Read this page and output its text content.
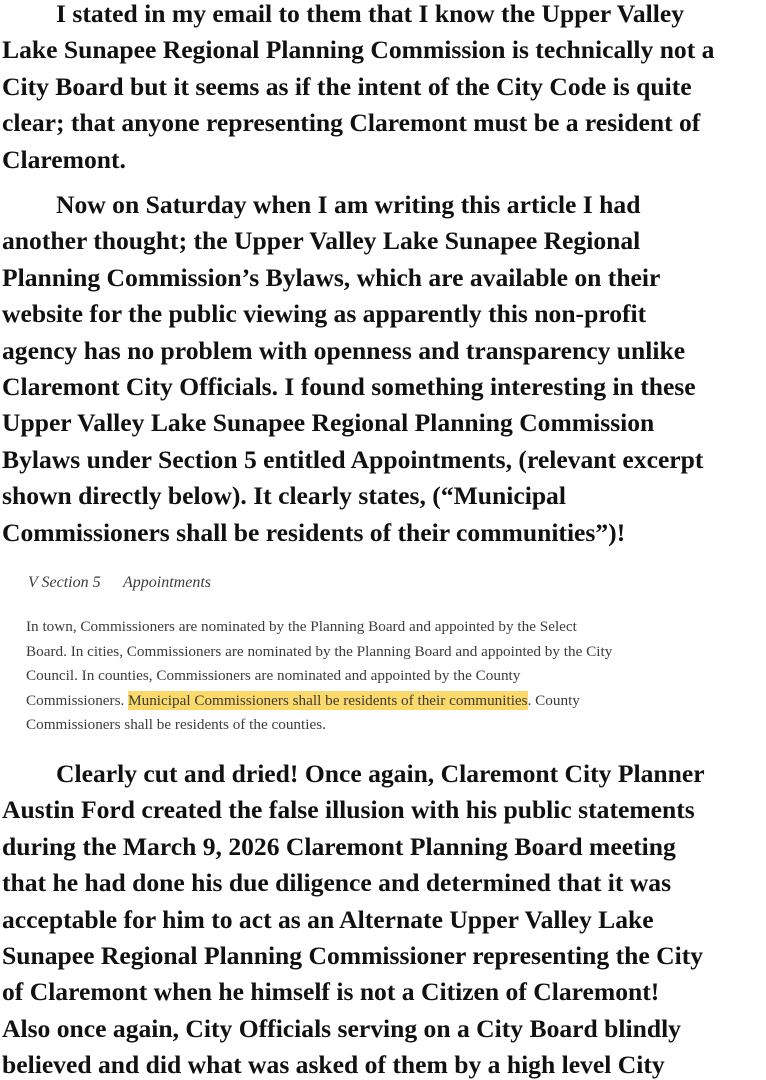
I stated in my email to them that I know the Upper Valley
Lake Sunapee Regional Planning Commission is technically not a
City Board but it seems as if the intent of the City Code is quite
clear; that anyone representing Claremont must be a resident of
Claremont.

Now on Saturday when I am writing this article I had
another thought; the Upper Valley Lake Sunapee Regional
Planning Commission’s Bylaws, which are available on their
website for the public viewing as apparently this non-profit
agency has no problem with openness and transparency unlike
Claremont City Officials. I found something interesting in these
Upper Valley Lake Sunapee Regional Planning Commission
Bylaws under Section 5 entitled Appointments, (relevant excerpt
shown directly below). It clearly states, (“Municipal
Commissioners shall be residents of their communities”)!

V Section 5 Appointments
In town, Commissioners are nominated by the Planning Board and appointed by the Select
Board. In cities, Commissioners are nominated by the Planning Board and appointed by the City
Council. In counties, Commissioners are nominated and appointed by the County
Commissioners. Municipal Commissioners shall be residents of their communities. County
Commissioners shall be residents of the counties.

Clearly cut and dried! Once again, Claremont City Planner
Austin Ford created the false illusion with his public statements
during the March 9, 2026 Claremont Planning Board meeting
that he had done his due diligence and determined that it was
acceptable for him to act as an Alternate Upper Valley Lake
Sunapee Regional Planning Commissioner representing the City
of Claremont when he himself is not a Citizen of Claremont!
Also once again, City Officials serving on a City Board blindly
believed and did what was asked of them by a high level City
